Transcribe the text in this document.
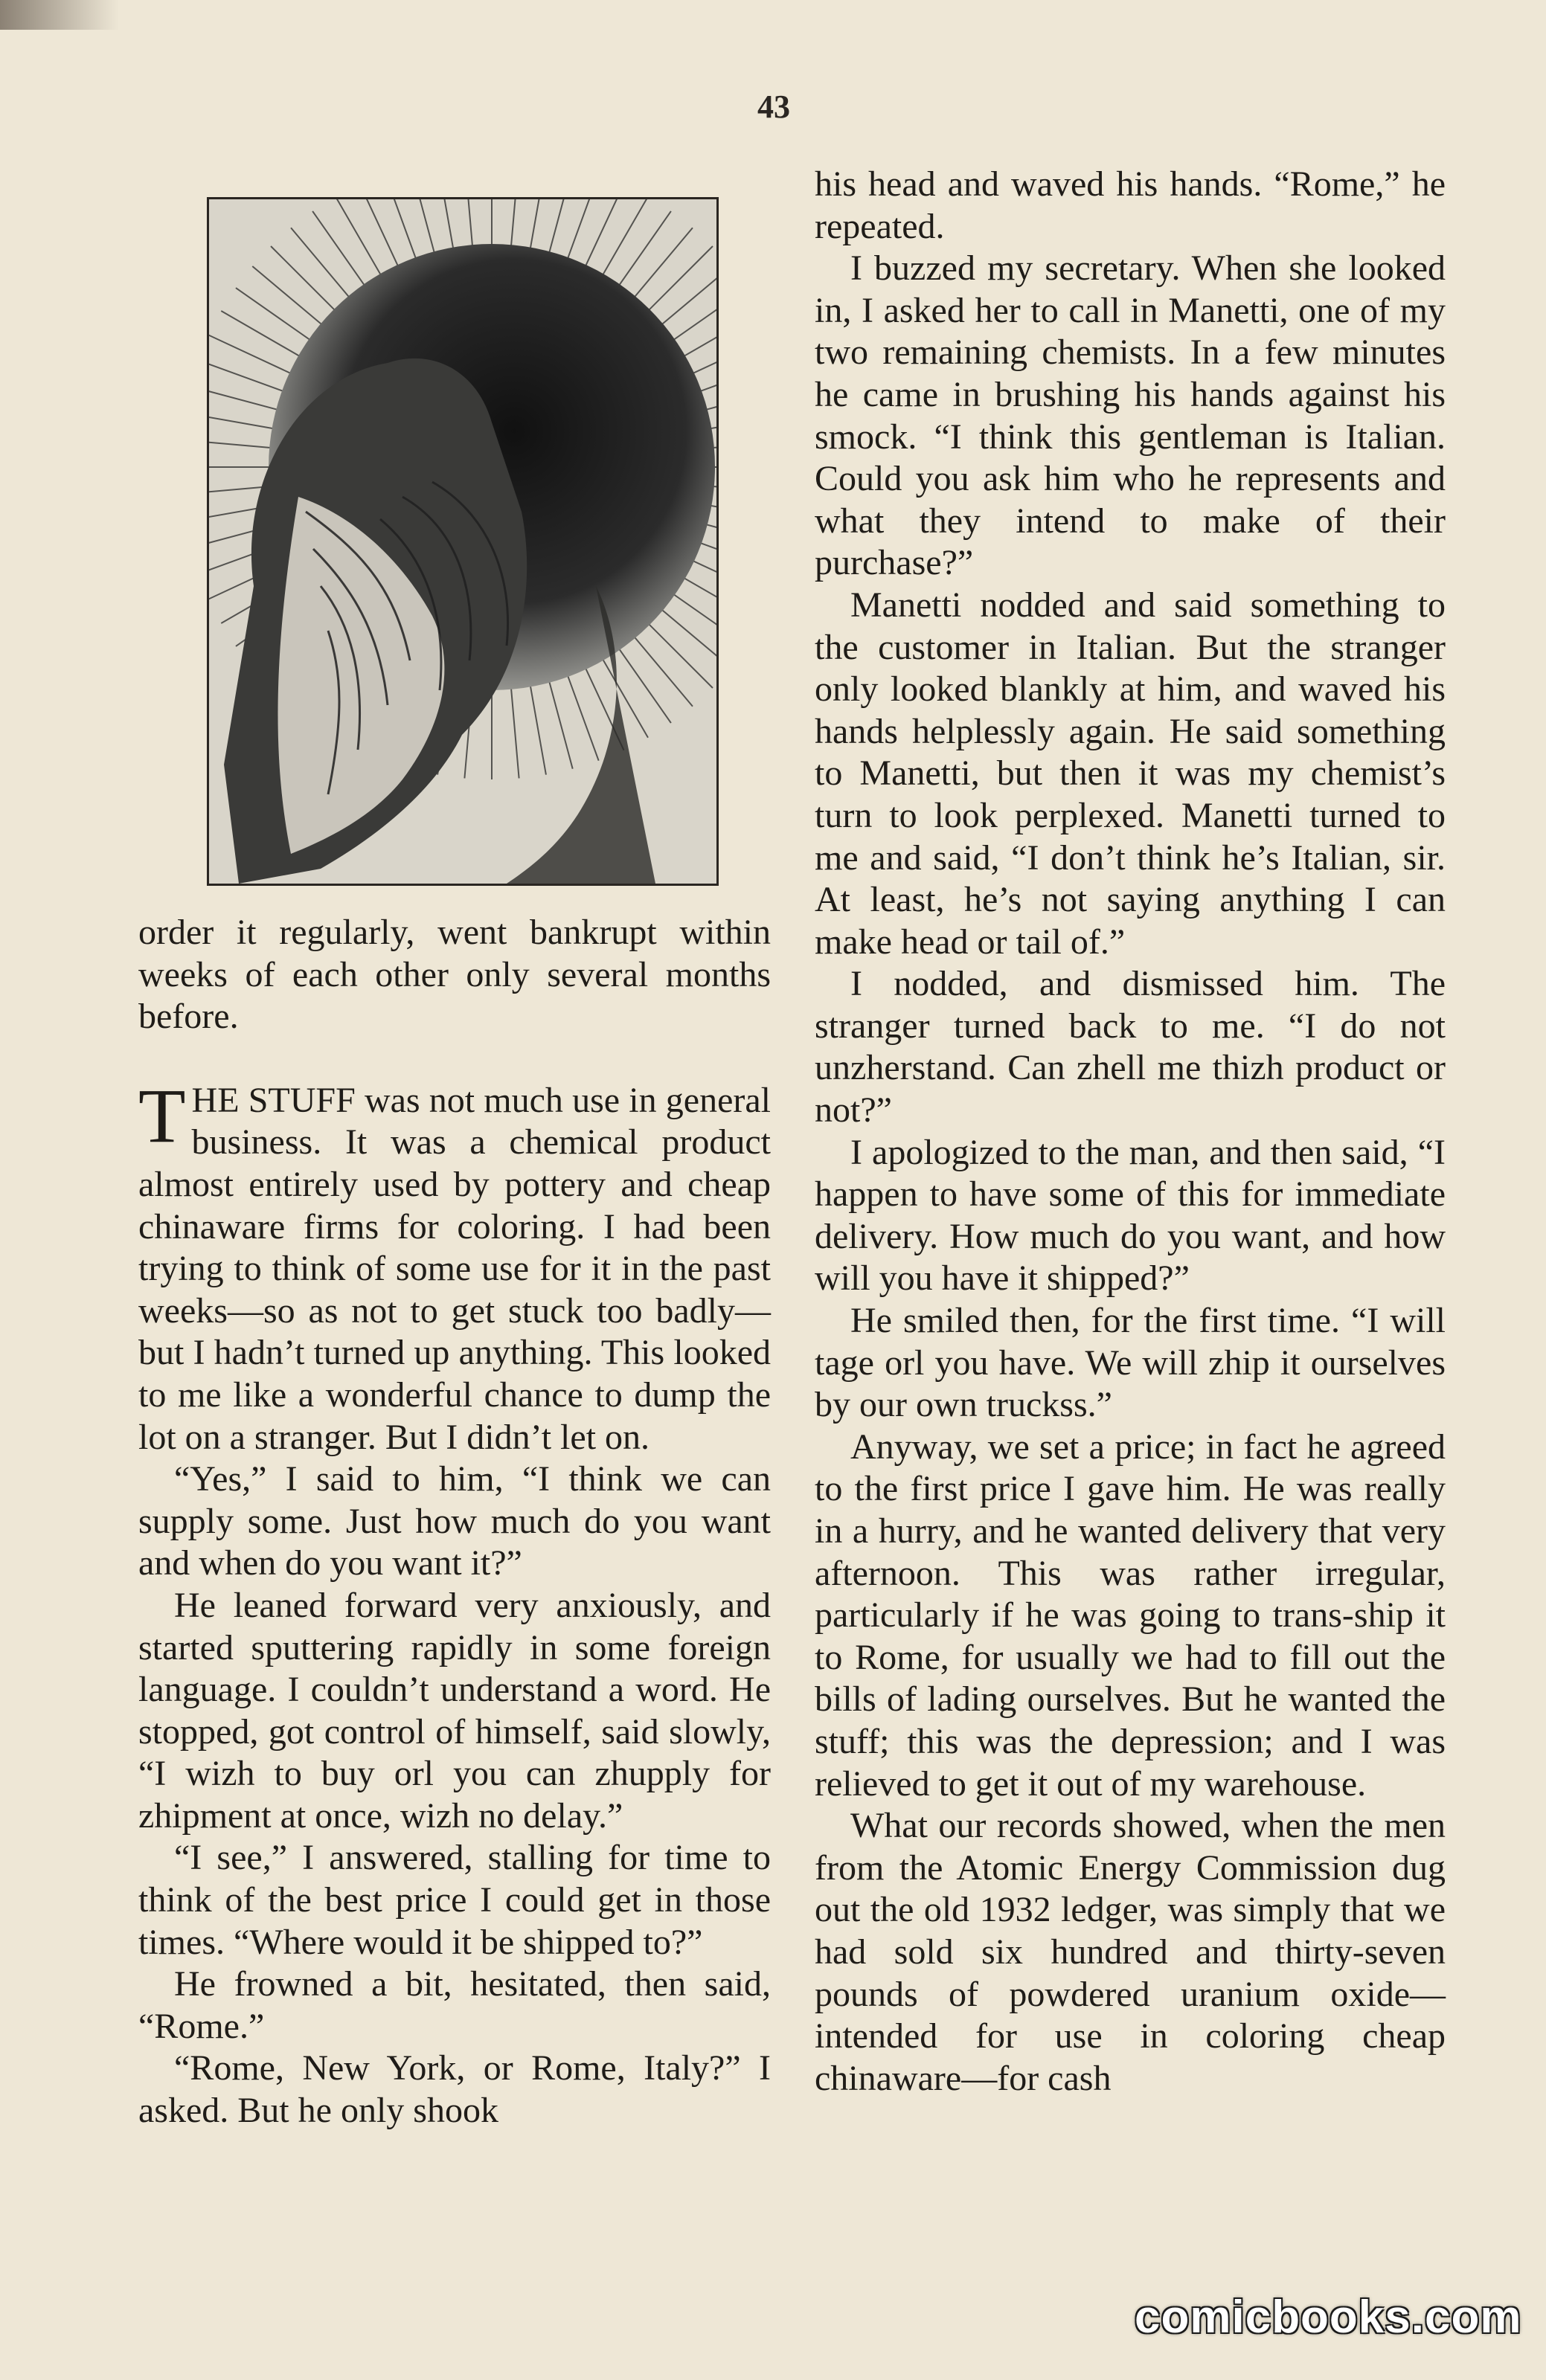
43

order it regularly, went bankrupt within weeks of each other only several months before.

THE STUFF was not much use in general business. It was a chemical product almost entirely used by pottery and cheap chinaware firms for coloring. I had been trying to think of some use for it in the past weeks—so as not to get stuck too badly—but I hadn’t turned up anything. This looked to me like a wonderful chance to dump the lot on a stranger. But I didn’t let on.

“Yes,” I said to him, “I think we can supply some. Just how much do you want and when do you want it?”

He leaned forward very anxiously, and started sputtering rapidly in some foreign language. I couldn’t understand a word. He stopped, got control of himself, said slowly, “I wizh to buy orl you can zhupply for zhipment at once, wizh no delay.”

“I see,” I answered, stalling for time to think of the best price I could get in those times. “Where would it be shipped to?”

He frowned a bit, hesitated, then said, “Rome.”

“Rome, New York, or Rome, Italy?” I asked. But he only shook

his head and waved his hands. “Rome,” he repeated.

I buzzed my secretary. When she looked in, I asked her to call in Manetti, one of my two remaining chemists. In a few minutes he came in brushing his hands against his smock. “I think this gentleman is Italian. Could you ask him who he represents and what they intend to make of their purchase?”

Manetti nodded and said something to the customer in Italian. But the stranger only looked blankly at him, and waved his hands helplessly again. He said something to Manetti, but then it was my chemist’s turn to look perplexed. Manetti turned to me and said, “I don’t think he’s Italian, sir. At least, he’s not saying anything I can make head or tail of.”

I nodded, and dismissed him. The stranger turned back to me. “I do not unzherstand. Can zhell me thizh product or not?”

I apologized to the man, and then said, “I happen to have some of this for immediate delivery. How much do you want, and how will you have it shipped?”

He smiled then, for the first time. “I will tage orl you have. We will zhip it ourselves by our own truckss.”

Anyway, we set a price; in fact he agreed to the first price I gave him. He was really in a hurry, and he wanted delivery that very afternoon. This was rather irregular, particularly if he was going to trans-ship it to Rome, for usually we had to fill out the bills of lading ourselves. But he wanted the stuff; this was the depression; and I was relieved to get it out of my warehouse.

What our records showed, when the men from the Atomic Energy Commission dug out the old 1932 ledger, was simply that we had sold six hundred and thirty-seven pounds of powdered uranium oxide—intended for use in coloring cheap chinaware—for cash

comicbooks.com
